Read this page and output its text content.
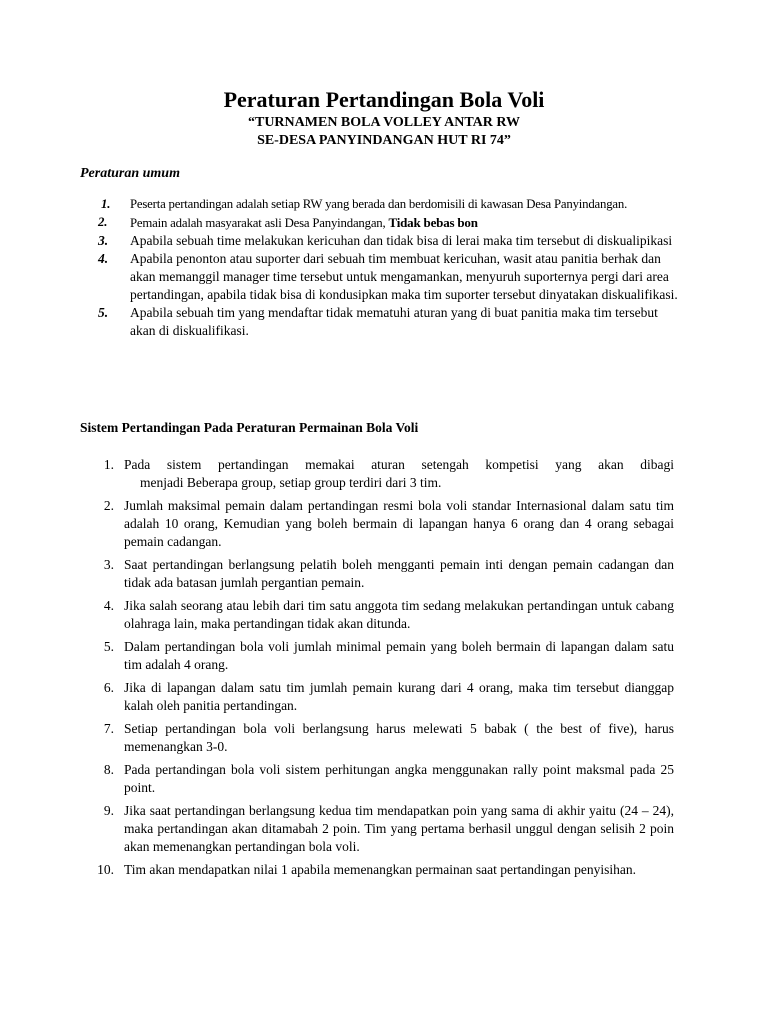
Peraturan Pertandingan Bola Voli

“TURNAMEN BOLA VOLLEY ANTAR RW

SE-DESA PANYINDANGAN HUT RI 74”

Peraturan umum

1. Peserta pertandingan adalah setiap RW yang berada dan berdomisili di kawasan Desa Panyindangan.
2. Pemain adalah masyarakat asli Desa Panyindangan, Tidak bebas bon
3. Apabila sebuah time melakukan kericuhan dan tidak bisa di lerai maka tim tersebut di diskualipikasi
4. Apabila penonton atau suporter dari sebuah tim membuat kericuhan, wasit atau panitia berhak dan akan memanggil manager time tersebut untuk mengamankan, menyuruh suporternya pergi dari area pertandingan, apabila tidak bisa di kondusipkan maka tim suporter tersebut dinyatakan diskualifikasi.
5. Apabila sebuah tim yang mendaftar tidak mematuhi aturan yang di buat panitia maka tim tersebut akan di diskualifikasi.

Sistem Pertandingan Pada Peraturan Permainan Bola Voli

1. Pada sistem pertandingan memakai aturan setengah kompetisi yang akan dibagi
menjadi Beberapa group, setiap group terdiri dari 3 tim.
2. Jumlah maksimal pemain dalam pertandingan resmi bola voli standar Internasional dalam satu tim adalah 10 orang, Kemudian yang boleh bermain di lapangan hanya 6 orang dan 4 orang sebagai pemain cadangan.
3. Saat pertandingan berlangsung pelatih boleh mengganti pemain inti dengan pemain cadangan dan tidak ada batasan jumlah pergantian pemain.
4. Jika salah seorang atau lebih dari tim satu anggota tim sedang melakukan pertandingan untuk cabang olahraga lain, maka pertandingan tidak akan ditunda.
5. Dalam pertandingan bola voli jumlah minimal pemain yang boleh bermain di lapangan dalam satu tim adalah 4 orang.
6. Jika di lapangan dalam satu tim jumlah pemain kurang dari 4 orang, maka tim tersebut dianggap kalah oleh panitia pertandingan.
7. Setiap pertandingan bola voli berlangsung harus melewati 5 babak ( the best of five), harus memenangkan 3-0.
8. Pada pertandingan bola voli sistem perhitungan angka menggunakan rally point maksmal pada 25 point.
9. Jika saat pertandingan berlangsung kedua tim mendapatkan poin yang sama di akhir yaitu (24 – 24), maka pertandingan akan ditamabah 2 poin. Tim yang pertama berhasil unggul dengan selisih 2 poin akan memenangkan pertandingan bola voli.
10. Tim akan mendapatkan nilai 1 apabila memenangkan permainan saat pertandingan penyisihan.
